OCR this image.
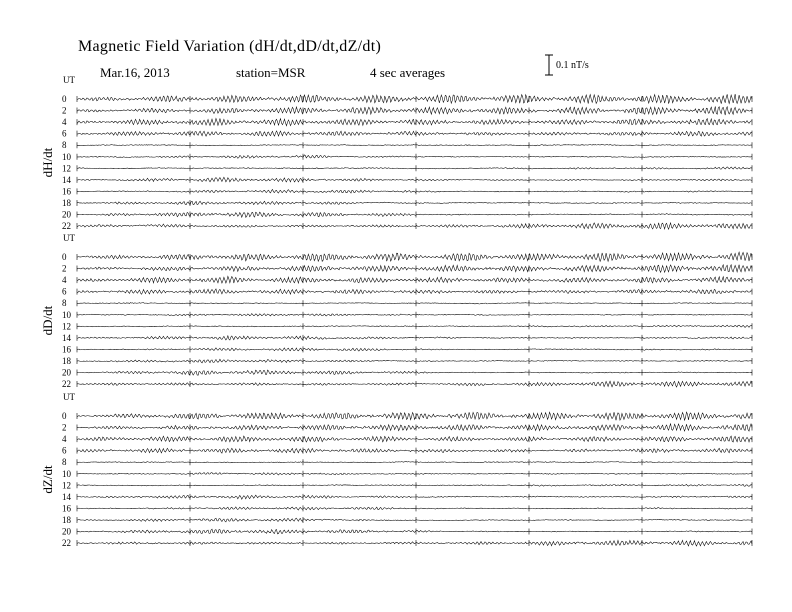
Magnetic Field Variation (dH/dt,dD/dt,dZ/dt)
Mar.16, 2013	station=MSR	4 sec averages	0.1 nT/s
UT
dH/dt
0
2
4
6
8
10
12
14
16
18
20
22
UT
dD/dt
0
2
4
6
8
10
12
14
16
18
20
22
UT
dZ/dt
0
2
4
6
8
10
12
14
16
18
20
22
